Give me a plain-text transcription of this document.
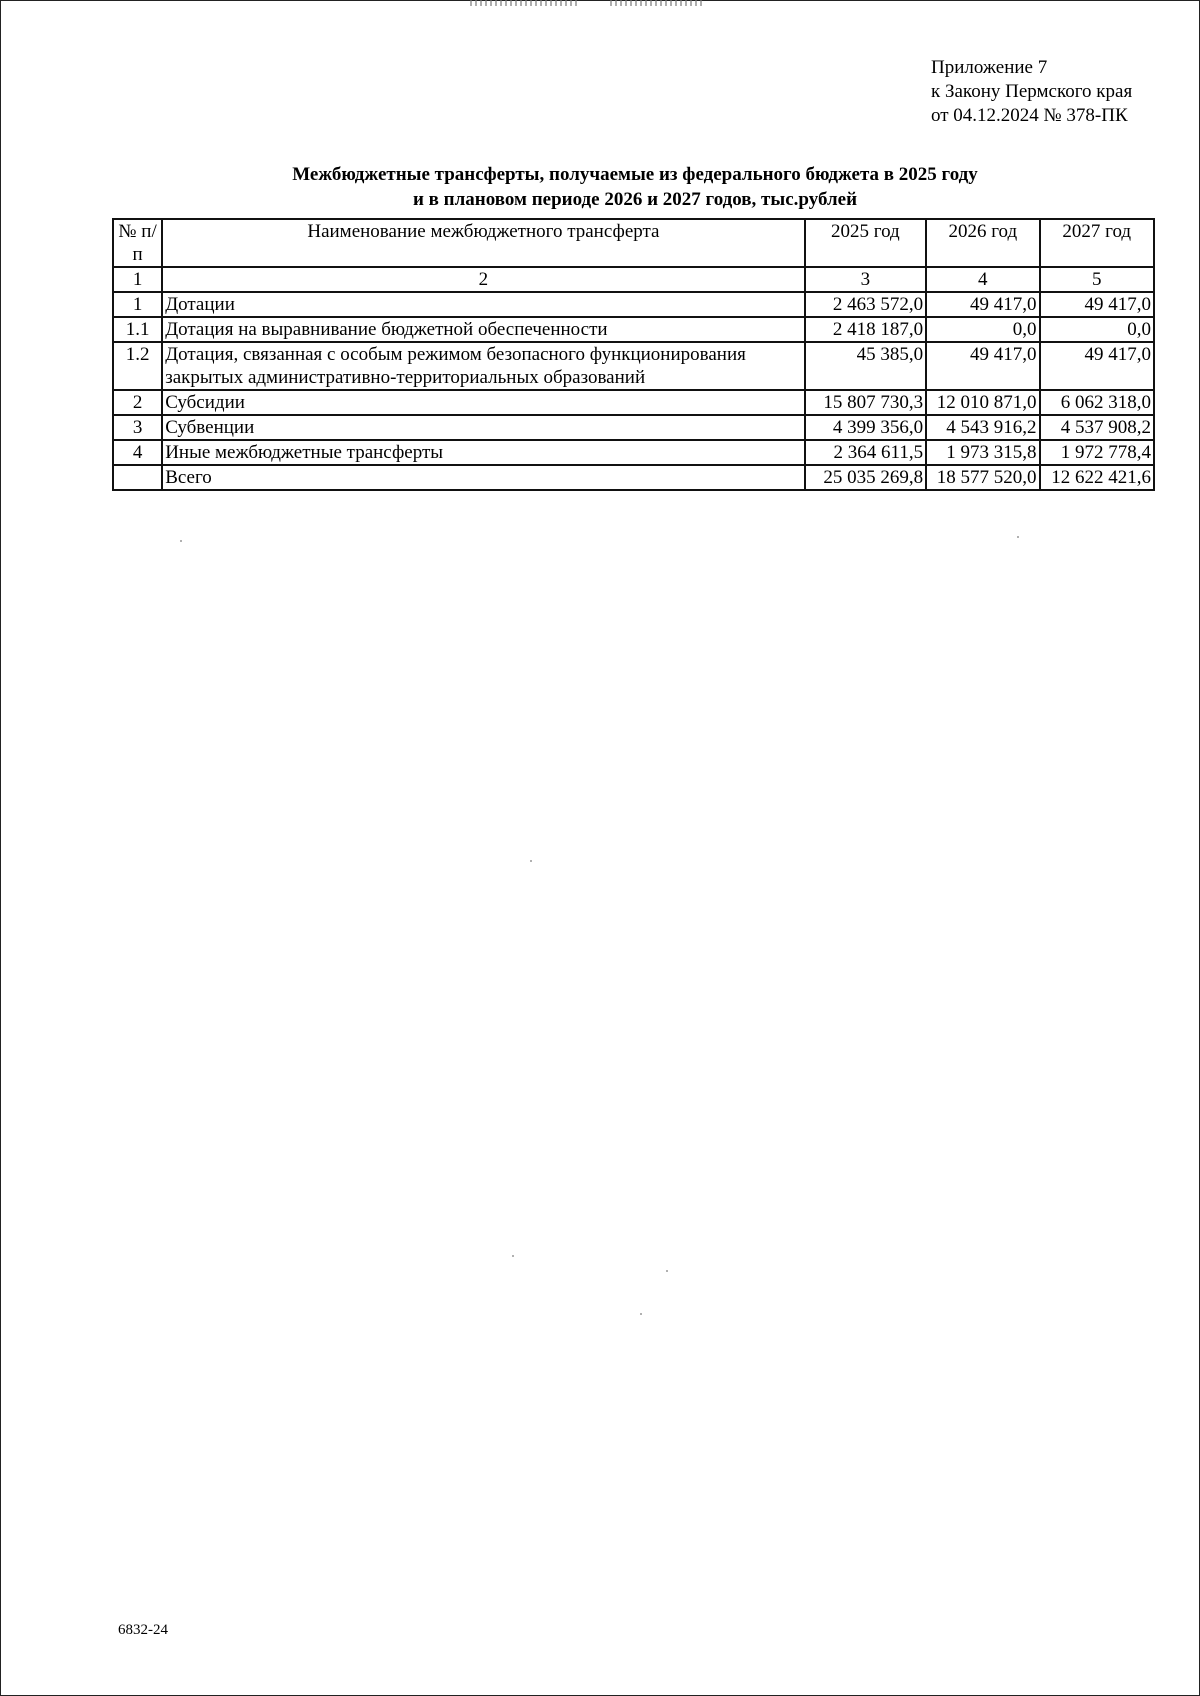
Приложение 7
к Закону Пермского края
от 04.12.2024 № 378-ПК
Межбюджетные трансферты, получаемые из федерального бюджета в 2025 году
и в плановом периоде 2026 и 2027 годов, тыс.рублей
№ п/п	Наименование межбюджетного трансферта	2025 год	2026 год	2027 год
1	2	3	4	5
1	Дотации	2 463 572,0	49 417,0	49 417,0
1.1	Дотация на выравнивание бюджетной обеспеченности	2 418 187,0	0,0	0,0
1.2	Дотация, связанная с особым режимом безопасного функционирования закрытых административно-территориальных образований	45 385,0	49 417,0	49 417,0
2	Субсидии	15 807 730,3	12 010 871,0	6 062 318,0
3	Субвенции	4 399 356,0	4 543 916,2	4 537 908,2
4	Иные межбюджетные трансферты	2 364 611,5	1 973 315,8	1 972 778,4
	Всего	25 035 269,8	18 577 520,0	12 622 421,6
6832-24
